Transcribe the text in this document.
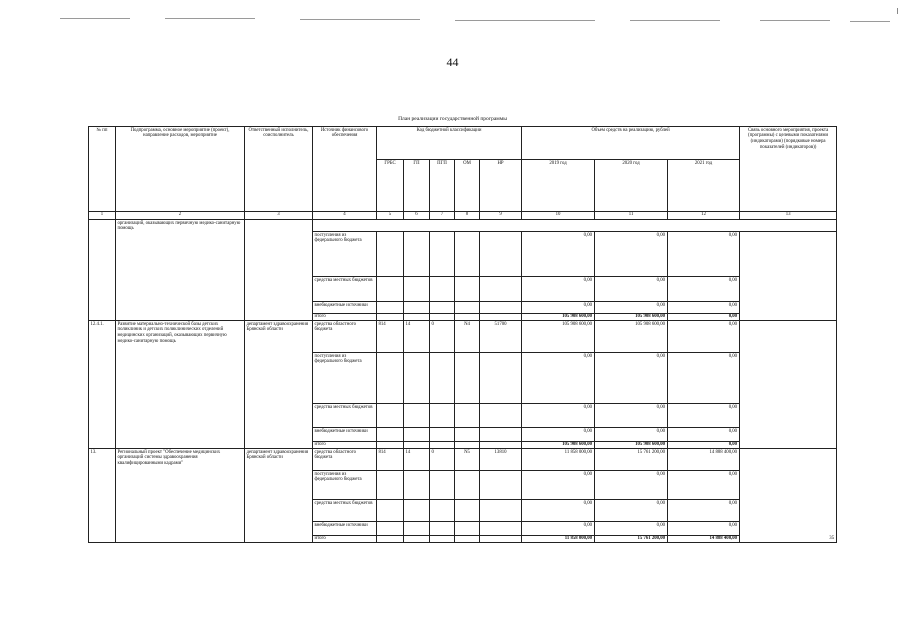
44
План реализации государственной программы
№ пп	Подпрограмма, основное мероприятие (проект), направление расходов, мероприятие	Ответственный исполнитель, соисполнитель	Источник финансового обеспечения	Код бюджетной классификации					Объем средств на реализацию, рублей			Связь основного мероприятия, проекта (программы) с целевыми показателями (индикаторами) (порядковые номера показателей (индикаторов))
				ГРБС	ГП	ПГП	ОМ	НР	2019 год	2020 год	2021 год	
1	2	3	4	5	6	7	8	9	10	11	12	13
	организаций, оказывающих первичную медико-санитарную помощь											
			поступления из федерального бюджета						0,00	0,00	0,00	
			средства местных бюджетов						0,00	0,00	0,00	
			внебюджетные источники						0,00	0,00	0,00	
			итого						105 908 600,00	105 908 600,00	0,00	
12.4.1.	Развитие материально-технической базы детских поликлиник и детских поликлинических отделений медицинских организаций, оказывающих первичную медико-санитарную помощь	департамент здравоохранения Брянской области	средства областного бюджета	814	14	0	N4	51700	105 908 600,00	105 908 600,00	0,00	
			поступления из федерального бюджета						0,00	0,00	0,00	
			средства местных бюджетов						0,00	0,00	0,00	
			внебюджетные источники						0,00	0,00	0,00	
			итого						105 908 600,00	105 908 600,00	0,00	
13.	Региональный проект "Обеспечение медицинских организаций системы здравоохранения квалифицированными кадрами"	департамент здравоохранения Брянской области	средства областного бюджета	814	14	0	N5	13810	11 858 000,00	15 761 200,00	14 888 400,00	35
			поступления из федерального бюджета						0,00	0,00	0,00	
			средства местных бюджетов						0,00	0,00	0,00	
			внебюджетные источники						0,00	0,00	0,00	
			итого						11 858 000,00	15 761 200,00	14 888 400,00	
